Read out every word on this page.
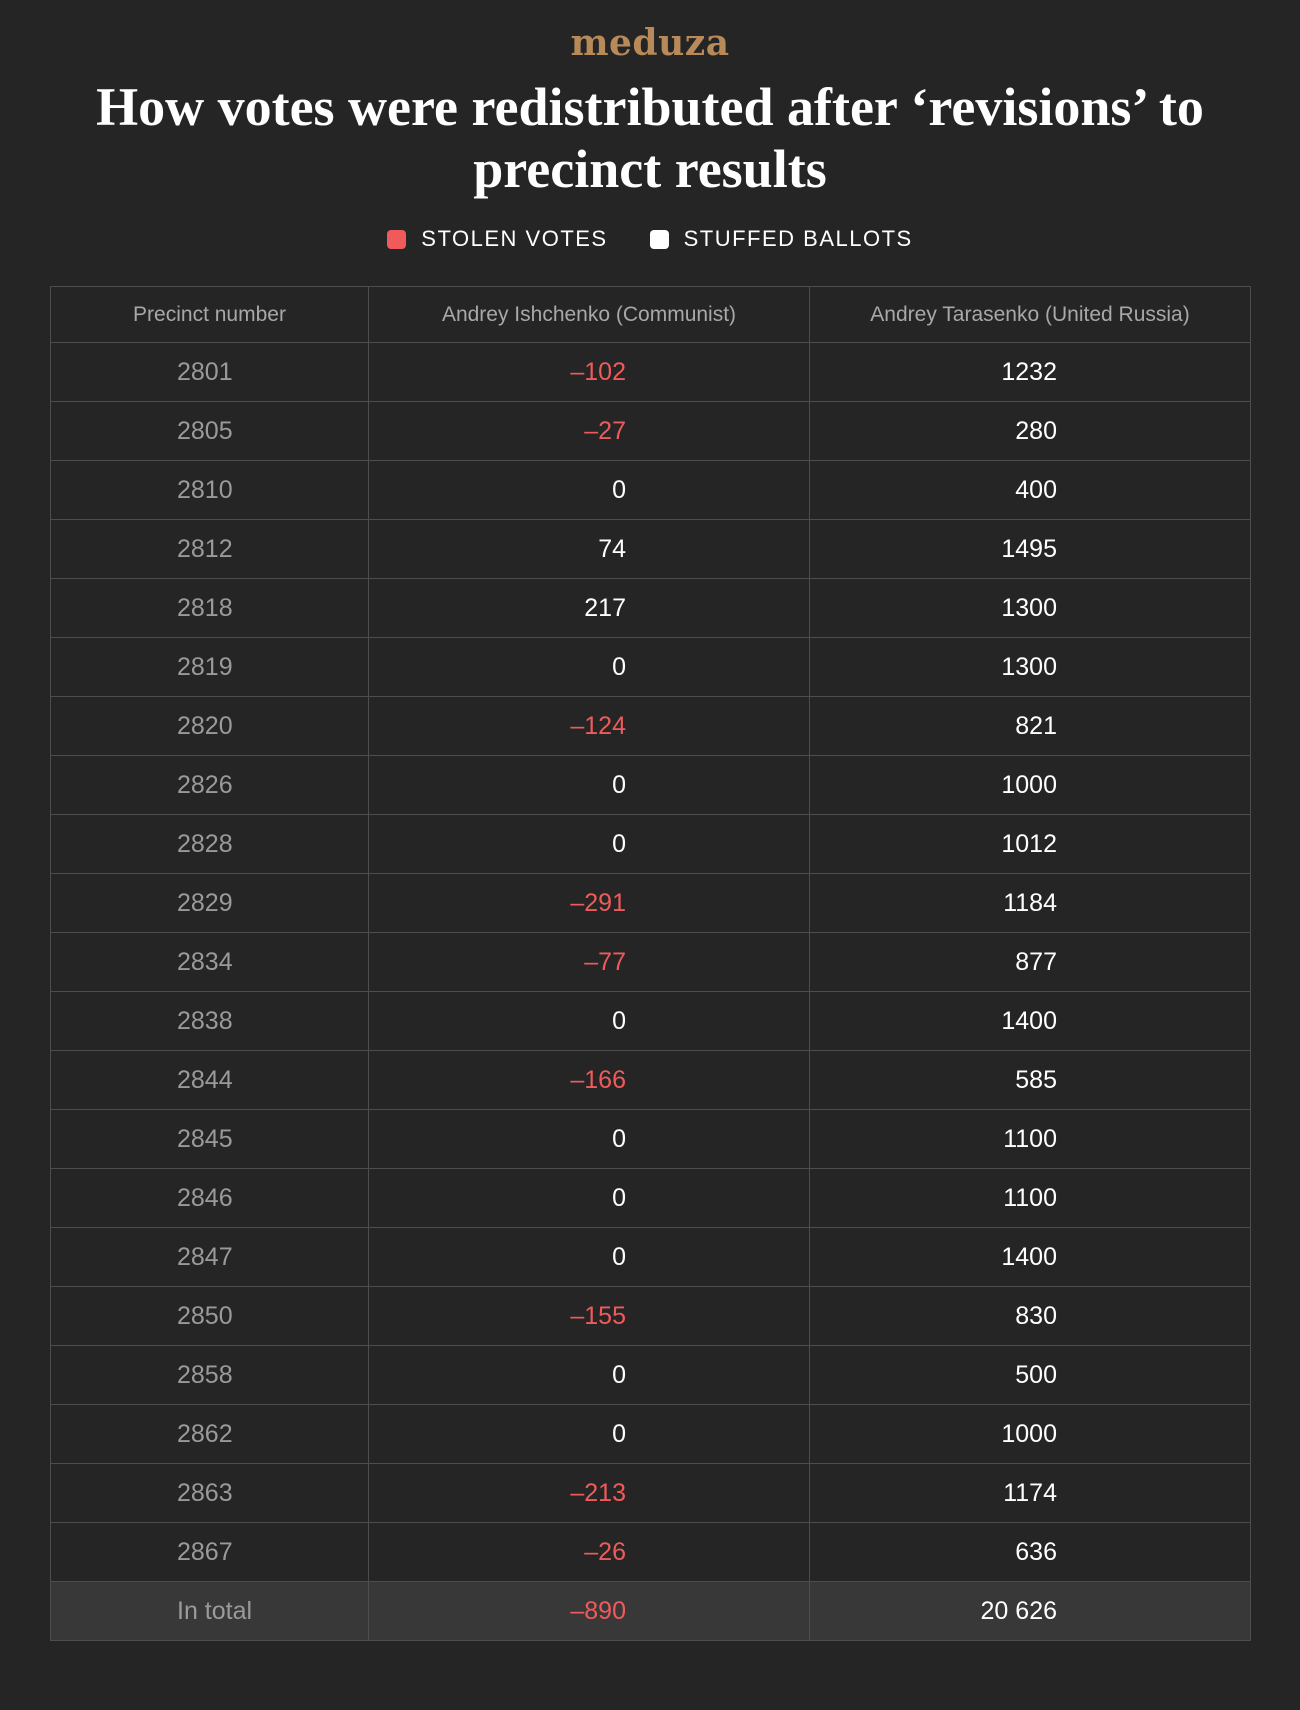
meduza
How votes were redistributed after ‘revisions’ to precinct results
STOLEN VOTES	STUFFED BALLOTS
Precinct number	Andrey Ishchenko (Communist)	Andrey Tarasenko (United Russia)
2801	–102	1232
2805	–27	280
2810	0	400
2812	74	1495
2818	217	1300
2819	0	1300
2820	–124	821
2826	0	1000
2828	0	1012
2829	–291	1184
2834	–77	877
2838	0	1400
2844	–166	585
2845	0	1100
2846	0	1100
2847	0	1400
2850	–155	830
2858	0	500
2862	0	1000
2863	–213	1174
2867	–26	636
In total	–890	20 626
